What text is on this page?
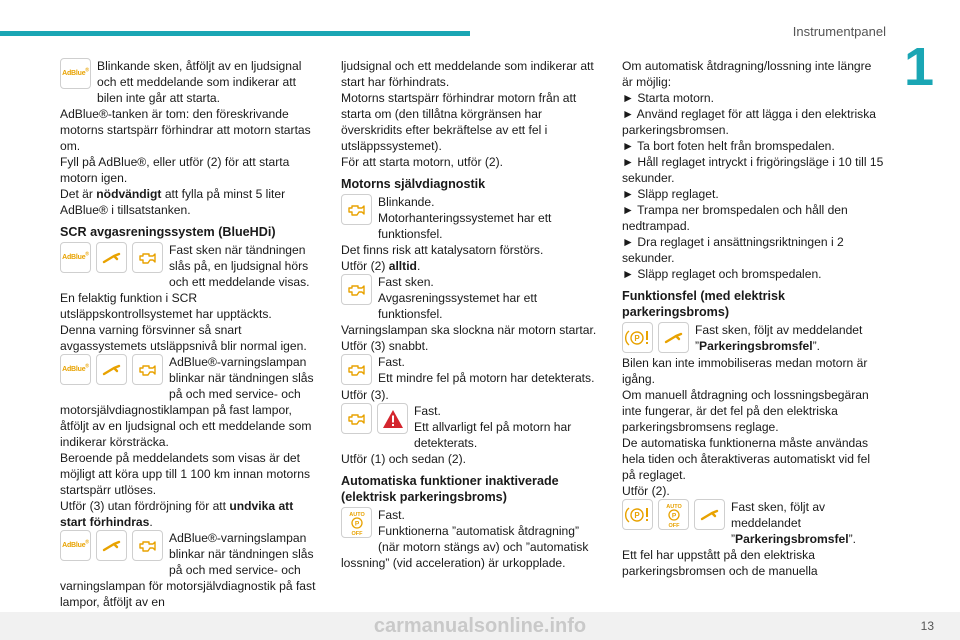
Instrumentpanel
1
AdBlue® Blinkande sken, åtföljt av en ljudsignal och ett meddelande som indikerar att bilen inte går att starta.

AdBlue®-tanken är tom: den föreskrivande motorns startspärr förhindrar att motorn startas om.

Fyll på AdBlue®, eller utför (2) för att starta motorn igen.

Det är nödvändigt att fylla på minst 5 liter AdBlue® i tillsatstanken.

SCR avgasreningssystem (BlueHDi)
AdBlue®	Fast sken när tändningen slås på, en ljudsignal hörs och ett meddelande visas.

En felaktig funktion i SCR utsläppskontrollsystemet har upptäckts.

Denna varning försvinner så snart avgassystemets utsläppsnivå blir normal igen.

AdBlue®	AdBlue®-varningslampan blinkar när tändningen slås på och med service- och motorsjälvdiagnostiklampan på fast lampor, åtföljt av en ljudsignal och ett meddelande som indikerar körsträcka.

Beroende på meddelandets som visas är det möjligt att köra upp till 1 100 km innan motorns startspärr utlöses.

Utför (3) utan fördröjning för att undvika att start förhindras.

AdBlue®	AdBlue®-varningslampan blinkar när tändningen slås på och med service- och varningslampan för motorsjälvdiagnostik på fast lampor, åtföljt av en

ljudsignal och ett meddelande som indikerar att start har förhindrats.

Motorns startspärr förhindrar motorn från att starta om (den tillåtna körgränsen har överskridits efter bekräftelse av ett fel i utsläppssystemet).

För att starta motorn, utför (2).

Motorns självdiagnostik

Blinkande.

Motorhanteringssystemet har ett funktionsfel.

Det finns risk att katalysatorn förstörs.

Utför (2) alltid.

Fast sken.

Avgasreningssystemet har ett funktionsfel.

Varningslampan ska slockna när motorn startar.

Utför (3) snabbt.

Fast.

Ett mindre fel på motorn har detekterats.

Utför (3).

Fast.

Ett allvarligt fel på motorn har detekterats.

Utför (1) och sedan (2).

Automatiska funktioner inaktiverade (elektrisk parkeringsbroms)
AUTO
P
OFF

Fast.

Funktionerna ”automatisk åtdragning” (när motorn stängs av) och ”automatisk lossning” (vid acceleration) är urkopplade.

Om automatisk åtdragning/lossning inte längre är möjlig:

► Starta motorn.

► Använd reglaget för att lägga i den elektriska parkeringsbromsen.

► Ta bort foten helt från bromspedalen.

► Håll reglaget intryckt i frigöringsläge i 10 till 15 sekunder.

► Släpp reglaget.

► Trampa ner bromspedalen och håll den nedtrampad.

► Dra reglaget i ansättningsriktningen i 2 sekunder.

► Släpp reglaget och bromspedalen.

Funktionsfel (med elektrisk parkeringsbroms)
P

Fast sken, följt av meddelandet ”Parkeringsbromsfel”.

Bilen kan inte immobiliseras medan motorn är igång.

Om manuell åtdragning och lossningsbegäran inte fungerar, är det fel på den elektriska parkeringsbromsens reglage.

De automatiska funktionerna måste användas hela tiden och återaktiveras automatiskt vid fel på reglaget.

Utför (2).

P
AUTO
P
OFF

Fast sken, följt av meddelandet ”Parkeringsbromsfel”.

Ett fel har uppstått på den elektriska parkeringsbromsen och de manuella

carmanualsonline.info	13
